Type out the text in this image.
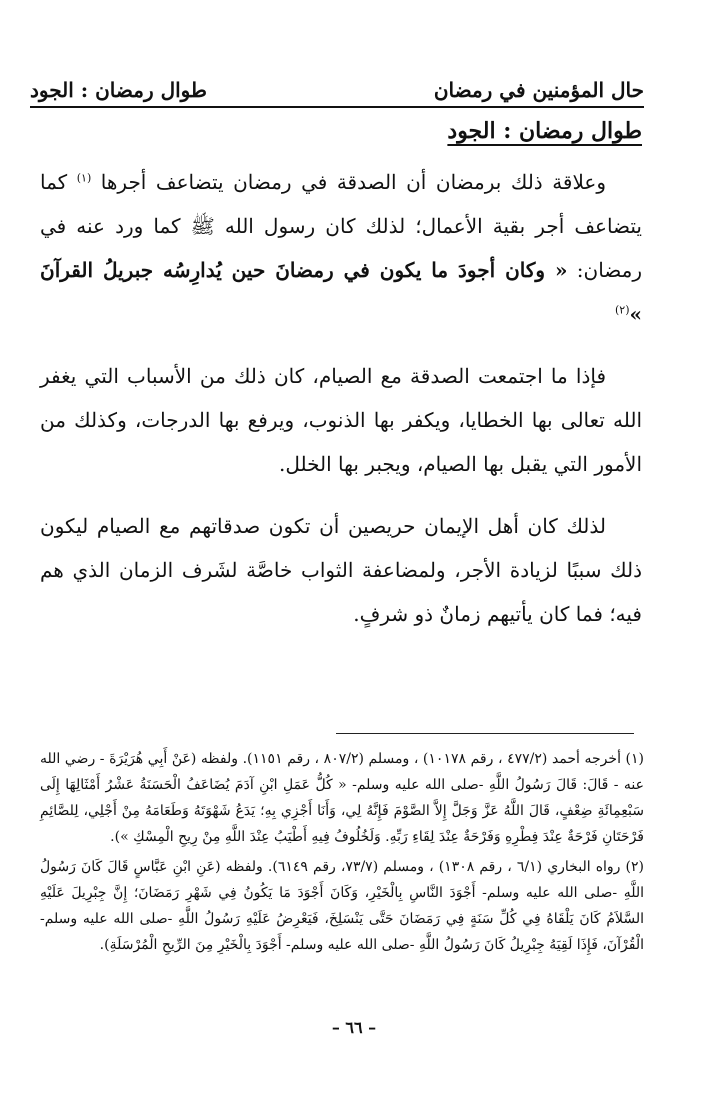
حال المؤمنين في رمضان
طوال رمضان : الجود
طوال رمضان : الجود

وعلاقة ذلك برمضان أن الصدقة في رمضان يتضاعف أجرها $^{(١)}$ كما يتضاعف أجر بقية الأعمال؛ لذلك كان رسول الله ﷺ كما ورد عنه في رمضان: « وكان أجودَ ما يكون في رمضانَ حين يُدارِسُه جبريلُ القرآنَ »$^{(٢)}$

فإذا ما اجتمعت الصدقة مع الصيام، كان ذلك من الأسباب التي يغفر الله تعالى بها الخطايا، ويكفر بها الذنوب، ويرفع بها الدرجات، وكذلك من الأمور التي يقبل بها الصيام، ويجبر بها الخلل.

لذلك كان أهل الإيمان حريصين أن تكون صدقاتهم مع الصيام ليكون ذلك سببًا لزيادة الأجر، ولمضاعفة الثواب خاصَّة لشَرف الزمان الذي هم فيه؛ فما كان يأتيهم زمانٌ ذو شرفٍ.

(١) أخرجه أحمد (٤٧٧/٢ ، رقم ١٠١٧٨) ، ومسلم (٨٠٧/٢ ، رقم ١١٥١). ولفظه (عَنْ أَبِي هُرَيْرَةَ - رضي الله عنه - قَالَ: قَالَ رَسُولُ اللَّهِ -صلى الله عليه وسلم- « كُلُّ عَمَلِ ابْنِ آدَمَ يُضَاعَفُ الْحَسَنَةُ عَشْرُ أَمْثَالِهَا إِلَى سَبْعِمِائَةِ ضِعْفٍ، قَالَ اللَّهُ عَزَّ وَجَلَّ إِلاَّ الصَّوْمَ فَإِنَّهُ لِي، وَأَنَا أَجْزِي بِهِ؛ يَدَعُ شَهْوَتَهُ وَطَعَامَهُ مِنْ أَجْلِي، لِلصَّائِمِ فَرْحَتَانِ فَرْحَةٌ عِنْدَ فِطْرِهِ وَفَرْحَةٌ عِنْدَ لِقَاءِ رَبِّهِ. وَلَخُلُوفُ فِيهِ أَطْيَبُ عِنْدَ اللَّهِ مِنْ رِيحِ الْمِسْكِ »).

(٢) رواه البخاري (٦/١ ، رقم ١٣٠٨) ، ومسلم (٧٣/٧، رقم ٦١٤٩). ولفظه (عَنِ ابْنِ عَبَّاسٍ قَالَ كَانَ رَسُولُ اللَّهِ -صلى الله عليه وسلم- أَجْوَدَ النَّاسِ بِالْخَيْرِ، وَكَانَ أَجْوَدَ مَا يَكُونُ فِي شَهْرِ رَمَضَانَ؛ إِنَّ جِبْرِيلَ عَلَيْهِ السَّلاَمُ كَانَ يَلْقَاهُ فِي كُلِّ سَنَةٍ فِي رَمَضَانَ حَتَّى يَنْسَلِخَ، فَيَعْرِضُ عَلَيْهِ رَسُولُ اللَّهِ -صلى الله عليه وسلم- الْقُرْآنَ، فَإِذَا لَقِيَهُ جِبْرِيلُ كَانَ رَسُولُ اللَّهِ -صلى الله عليه وسلم- أَجْوَدَ بِالْخَيْرِ مِنَ الرِّيحِ الْمُرْسَلَةِ).

– ٦٦ –
